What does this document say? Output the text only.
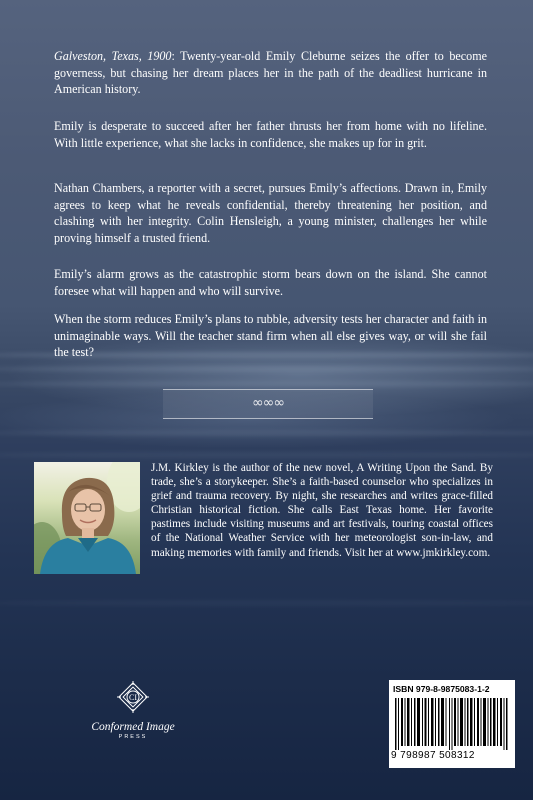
Galveston, Texas, 1900: Twenty-year-old Emily Cleburne seizes the offer to become governess, but chasing her dream places her in the path of the deadliest hurricane in American history.

Emily is desperate to succeed after her father thrusts her from home with no lifeline. With little experience, what she lacks in confidence, she makes up for in grit.

Nathan Chambers, a reporter with a secret, pursues Emily’s affections. Drawn in, Emily agrees to keep what he reveals confidential, thereby threatening her position, and clashing with her integrity. Colin Hensleigh, a young minister, challenges her while proving himself a trusted friend.

Emily’s alarm grows as the catastrophic storm bears down on the island. She cannot foresee what will happen and who will survive.

When the storm reduces Emily’s plans to rubble, adversity tests her character and faith in unimaginable ways. Will the teacher stand firm when all else gives way, or will she fail the test?

∞∞∞

J.M. Kirkley is the author of the new novel, A Writing Upon the Sand. By trade, she’s a storykeeper. She’s a faith-based counselor who specializes in grief and trauma recovery. By night, she researches and writes grace-filled Christian historical fiction. She calls East Texas home. Her favorite pastimes include visiting museums and art festivals, touring coastal offices of the National Weather Service with her meteorologist son-in-law, and making memories with family and friends. Visit her at www.jmkirkley.com.

CI
Conformed Image
PRESS
ISBN 979-8-9875083-1-2
9 798987 508312
